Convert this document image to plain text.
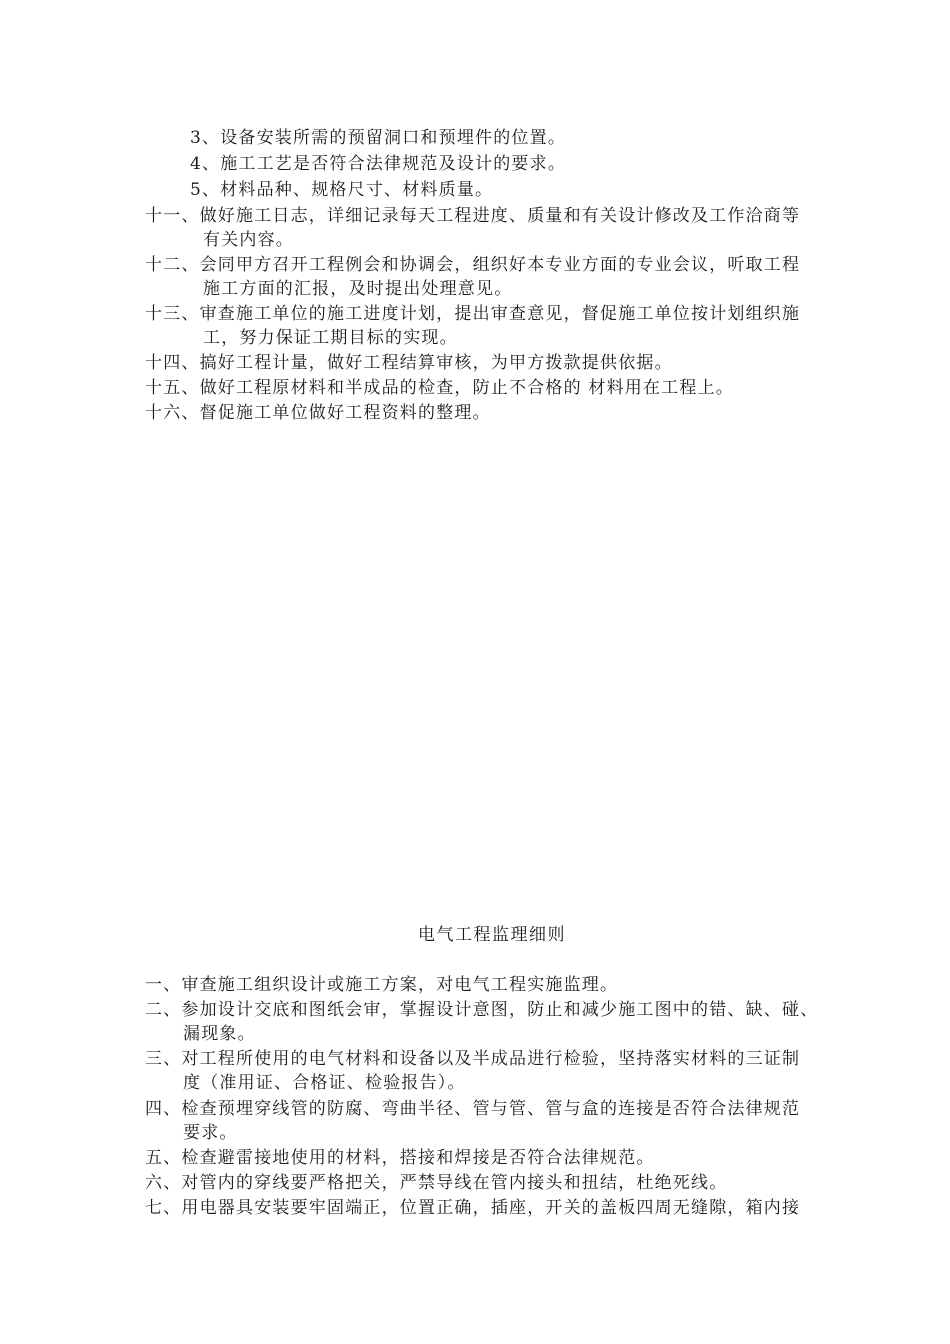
3、设备安装所需的预留洞口和预埋件的位置。
4、施工工艺是否符合法律规范及设计的要求。
5、材料品种、规格尺寸、材料质量。
十一、做好施工日志，详细记录每天工程进度、质量和有关设计修改及工作洽商等
有关内容。
十二、会同甲方召开工程例会和协调会，组织好本专业方面的专业会议，听取工程
施工方面的汇报，及时提出处理意见。
十三、审查施工单位的施工进度计划，提出审查意见，督促施工单位按计划组织施
工，努力保证工期目标的实现。
十四、搞好工程计量，做好工程结算审核，为甲方拨款提供依据。
十五、做好工程原材料和半成品的检查，防止不合格的 材料用在工程上。
十六、督促施工单位做好工程资料的整理。
电气工程监理细则
一、审查施工组织设计或施工方案，对电气工程实施监理。
二、参加设计交底和图纸会审，掌握设计意图，防止和减少施工图中的错、缺、碰、
漏现象。
三、对工程所使用的电气材料和设备以及半成品进行检验，坚持落实材料的三证制
度（准用证、合格证、检验报告）。
四、检查预埋穿线管的防腐、弯曲半径、管与管、管与盒的连接是否符合法律规范
要求。
五、检查避雷接地使用的材料，搭接和焊接是否符合法律规范。
六、对管内的穿线要严格把关，严禁导线在管内接头和扭结，杜绝死线。
七、用电器具安装要牢固端正，位置正确，插座，开关的盖板四周无缝隙，箱内接
